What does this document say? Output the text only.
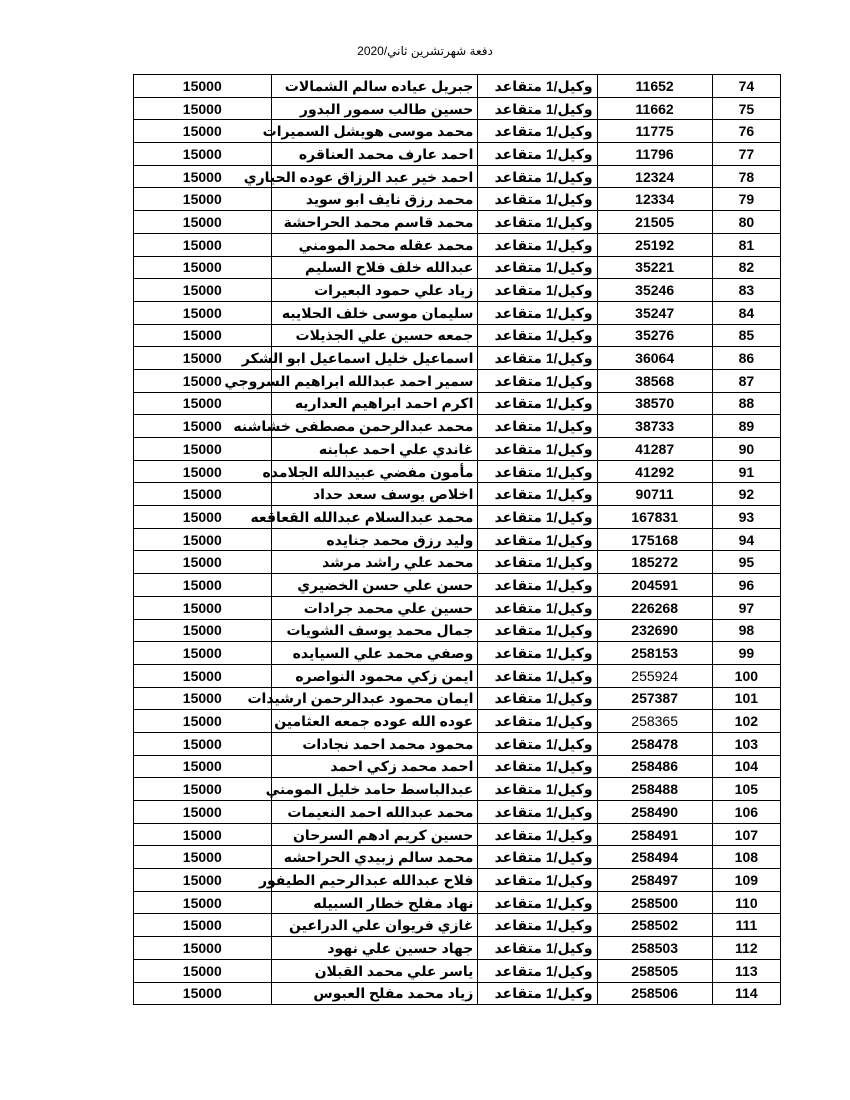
دفعة شهرتشرين ثاني/2020
15000	جبريل عياده سالم الشمالات	وكيل/1 متقاعد	11652	74
15000	حسين طالب سمور البدور	وكيل/1 متقاعد	11662	75
15000	محمد موسى هويشل السميرات	وكيل/1 متقاعد	11775	76
15000	احمد عارف محمد العناقره	وكيل/1 متقاعد	11796	77
15000	احمد خير عبد الرزاق عوده الحياري	وكيل/1 متقاعد	12324	78
15000	محمد رزق نايف ابو سويد	وكيل/1 متقاعد	12334	79
15000	محمد قاسم محمد الحراحشة	وكيل/1 متقاعد	21505	80
15000	محمد عقله محمد المومني	وكيل/1 متقاعد	25192	81
15000	عبدالله خلف فلاح السليم	وكيل/1 متقاعد	35221	82
15000	زياد علي حمود البعيرات	وكيل/1 متقاعد	35246	83
15000	سليمان موسى خلف الحلايبه	وكيل/1 متقاعد	35247	84
15000	جمعه حسين علي الجذيلات	وكيل/1 متقاعد	35276	85
15000	اسماعيل خليل اسماعيل ابو الشكر	وكيل/1 متقاعد	36064	86
15000	سمير احمد عبدالله ابراهيم السروجي	وكيل/1 متقاعد	38568	87
15000	اكرم احمد ابراهيم العداريه	وكيل/1 متقاعد	38570	88
15000	محمد عبدالرحمن مصطفى خشاشنه	وكيل/1 متقاعد	38733	89
15000	غاندي علي احمد عبابنه	وكيل/1 متقاعد	41287	90
15000	مأمون مفضي عبيدالله الجلامده	وكيل/1 متقاعد	41292	91
15000	اخلاص يوسف سعد حداد	وكيل/1 متقاعد	90711	92
15000	محمد عبدالسلام عبدالله القعاقعه	وكيل/1 متقاعد	167831	93
15000	وليد رزق محمد جنايده	وكيل/1 متقاعد	175168	94
15000	محمد علي راشد مرشد	وكيل/1 متقاعد	185272	95
15000	حسن علي حسن الخضيري	وكيل/1 متقاعد	204591	96
15000	حسين علي محمد جرادات	وكيل/1 متقاعد	226268	97
15000	جمال محمد يوسف الشويات	وكيل/1 متقاعد	232690	98
15000	وصفي محمد علي السيايده	وكيل/1 متقاعد	258153	99
15000	ايمن زكي محمود النواصره	وكيل/1 متقاعد	255924	100
15000	ايمان محمود عبدالرحمن ارشيدات	وكيل/1 متقاعد	257387	101
15000	عوده الله عوده جمعه العثامين	وكيل/1 متقاعد	258365	102
15000	محمود محمد احمد نجادات	وكيل/1 متقاعد	258478	103
15000	احمد محمد زكي احمد	وكيل/1 متقاعد	258486	104
15000	عبدالباسط حامد خليل المومني	وكيل/1 متقاعد	258488	105
15000	محمد عبدالله احمد النعيمات	وكيل/1 متقاعد	258490	106
15000	حسين كريم ادهم السرحان	وكيل/1 متقاعد	258491	107
15000	محمد سالم زبيدي الحراحشه	وكيل/1 متقاعد	258494	108
15000	فلاح عبدالله عبدالرحيم الطيفور	وكيل/1 متقاعد	258497	109
15000	نهاد مفلح خطار السبيله	وكيل/1 متقاعد	258500	110
15000	غازي فريوان علي الدراعين	وكيل/1 متقاعد	258502	111
15000	جهاد حسين علي نهود	وكيل/1 متقاعد	258503	112
15000	ياسر علي محمد القبلان	وكيل/1 متقاعد	258505	113
15000	زياد محمد مفلح العبوس	وكيل/1 متقاعد	258506	114
